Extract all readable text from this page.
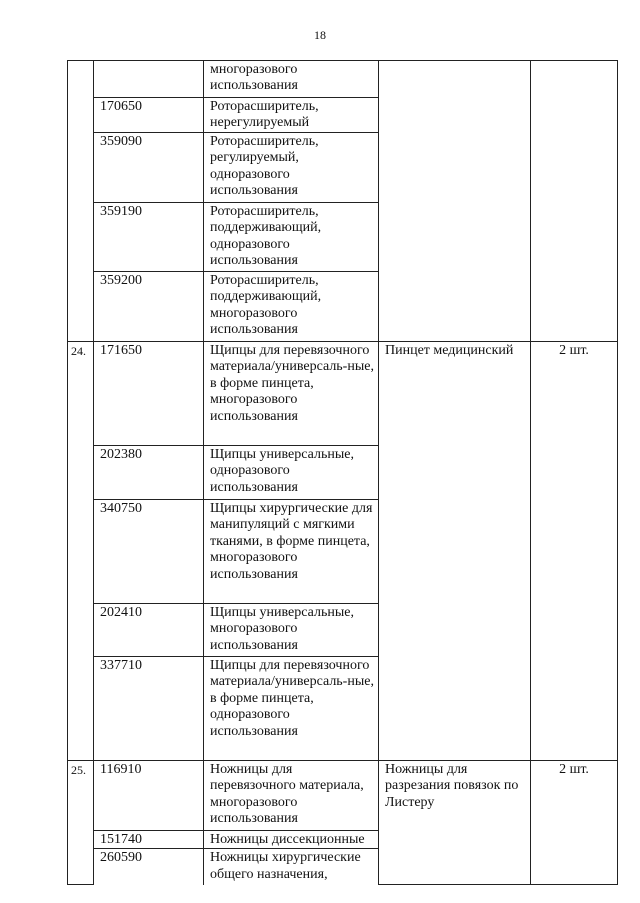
18
		многоразового использования		
	170650	Роторасширитель, нерегулируемый		
	359090	Роторасширитель, регулируемый, одноразового использования		
	359190	Роторасширитель, поддерживающий, одноразового использования		
	359200	Роторасширитель, поддерживающий, многоразового использования		
24.	171650	Щипцы для перевязочного материала/универсаль-ные, в форме пинцета, многоразового использования	Пинцет медицинский	2 шт.
	202380	Щипцы универсальные, одноразового использования		
	340750	Щипцы хирургические для манипуляций с мягкими тканями, в форме пинцета, многоразового использования		
	202410	Щипцы универсальные, многоразового использования		
	337710	Щипцы для перевязочного материала/универсаль-ные, в форме пинцета, одноразового использования		
25.	116910	Ножницы для перевязочного материала, многоразового использования	Ножницы для разрезания повязок по Листеру	2 шт.
	151740	Ножницы диссекционные		
	260590	Ножницы хирургические общего назначения,		
